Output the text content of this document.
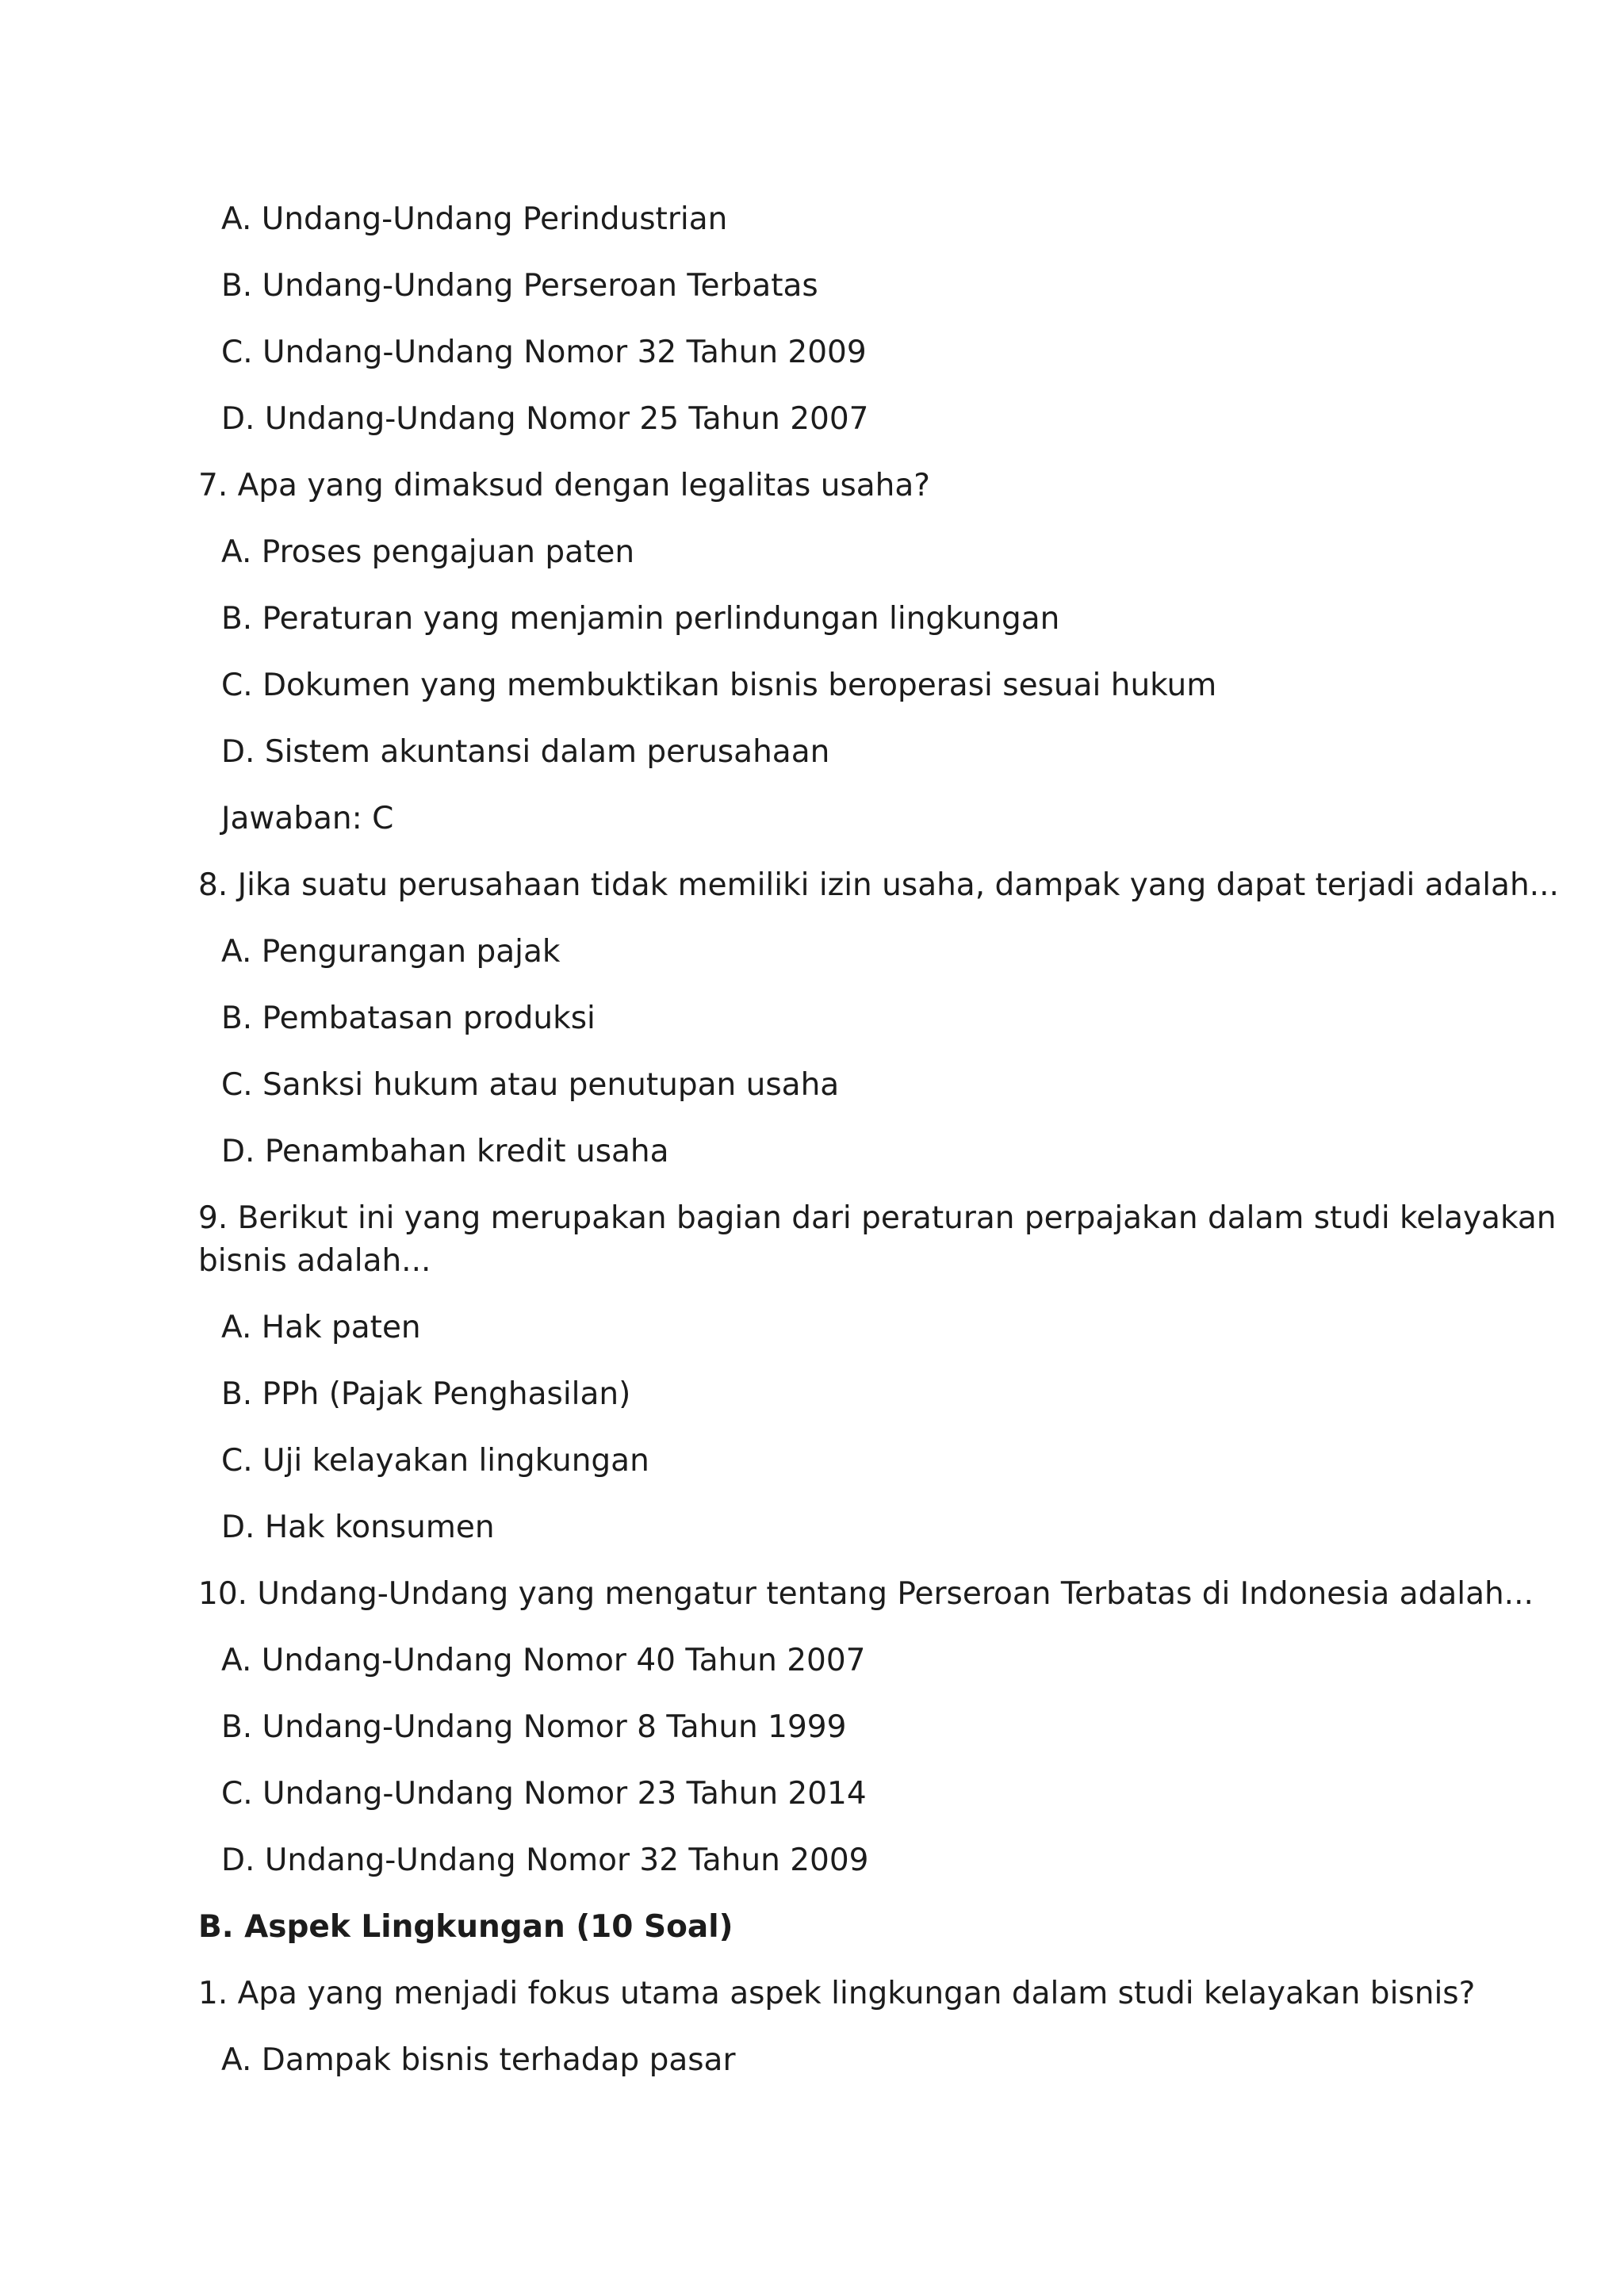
A. Undang-Undang Perindustrian
B. Undang-Undang Perseroan Terbatas
C. Undang-Undang Nomor 32 Tahun 2009
D. Undang-Undang Nomor 25 Tahun 2007
7. Apa yang dimaksud dengan legalitas usaha?
A. Proses pengajuan paten
B. Peraturan yang menjamin perlindungan lingkungan
C. Dokumen yang membuktikan bisnis beroperasi sesuai hukum
D. Sistem akuntansi dalam perusahaan
Jawaban: C
8. Jika suatu perusahaan tidak memiliki izin usaha, dampak yang dapat terjadi adalah...
A. Pengurangan pajak
B. Pembatasan produksi
C. Sanksi hukum atau penutupan usaha
D. Penambahan kredit usaha
9. Berikut ini yang merupakan bagian dari peraturan perpajakan dalam studi kelayakan
bisnis adalah...
A. Hak paten
B. PPh (Pajak Penghasilan)
C. Uji kelayakan lingkungan
D. Hak konsumen
10. Undang-Undang yang mengatur tentang Perseroan Terbatas di Indonesia adalah...
A. Undang-Undang Nomor 40 Tahun 2007
B. Undang-Undang Nomor 8 Tahun 1999
C. Undang-Undang Nomor 23 Tahun 2014
D. Undang-Undang Nomor 32 Tahun 2009
B. Aspek Lingkungan (10 Soal)
1. Apa yang menjadi fokus utama aspek lingkungan dalam studi kelayakan bisnis?
A. Dampak bisnis terhadap pasar
